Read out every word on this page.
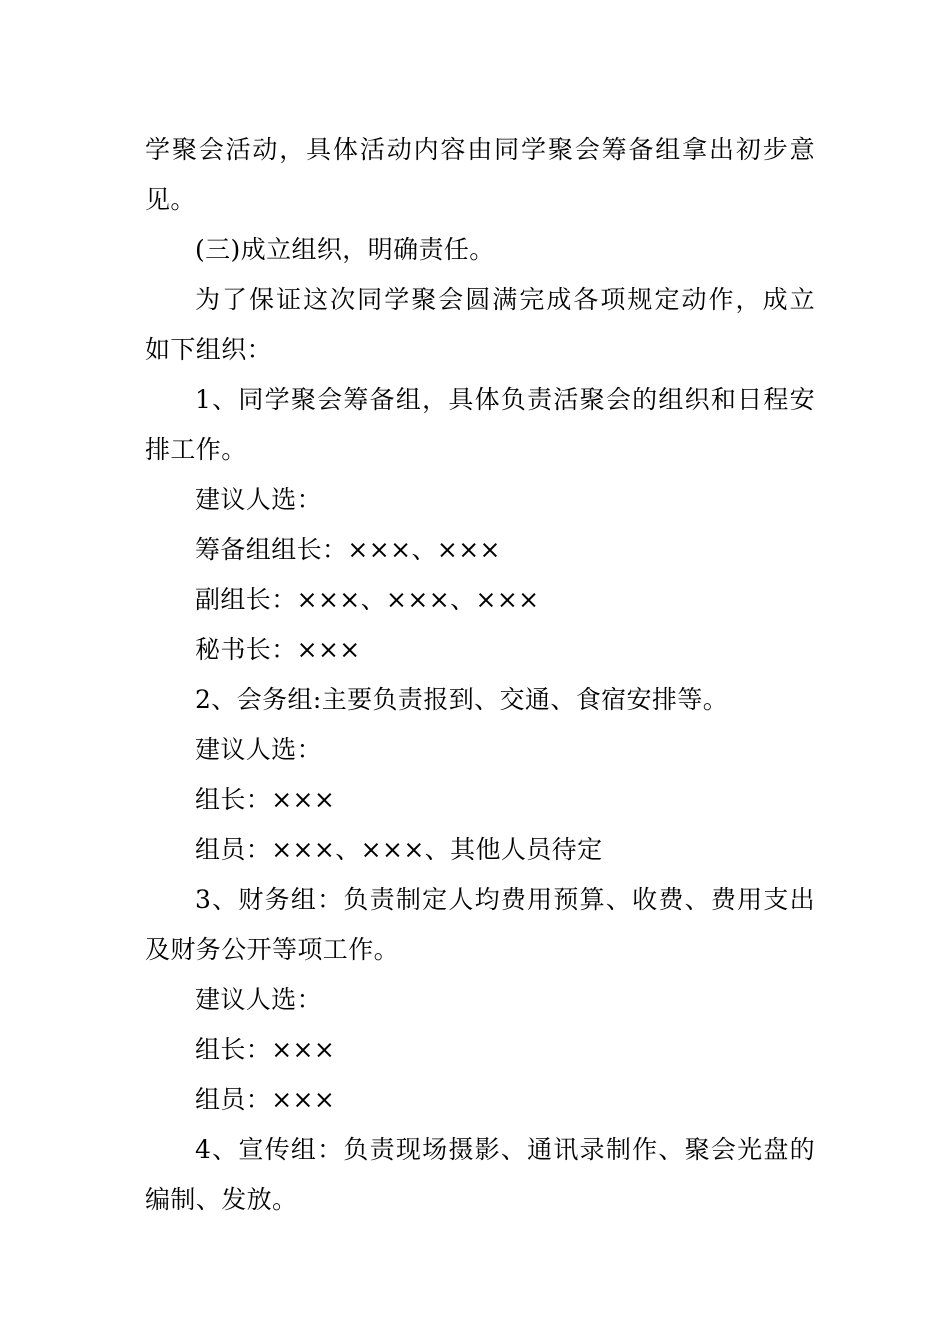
学聚会活动，具体活动内容由同学聚会筹备组拿出初步意
见。
(三)成立组织，明确责任。
为了保证这次同学聚会圆满完成各项规定动作，成立
如下组织：
1、同学聚会筹备组，具体负责活聚会的组织和日程安
排工作。
建议人选：
筹备组组长：×××、×××
副组长：×××、×××、×××
秘书长：×××
2、会务组:主要负责报到、交通、食宿安排等。
建议人选：
组长：×××
组员：×××、×××、其他人员待定
3、财务组：负责制定人均费用预算、收费、费用支出
及财务公开等项工作。
建议人选：
组长：×××
组员：×××
4、宣传组：负责现场摄影、通讯录制作、聚会光盘的
编制、发放。
